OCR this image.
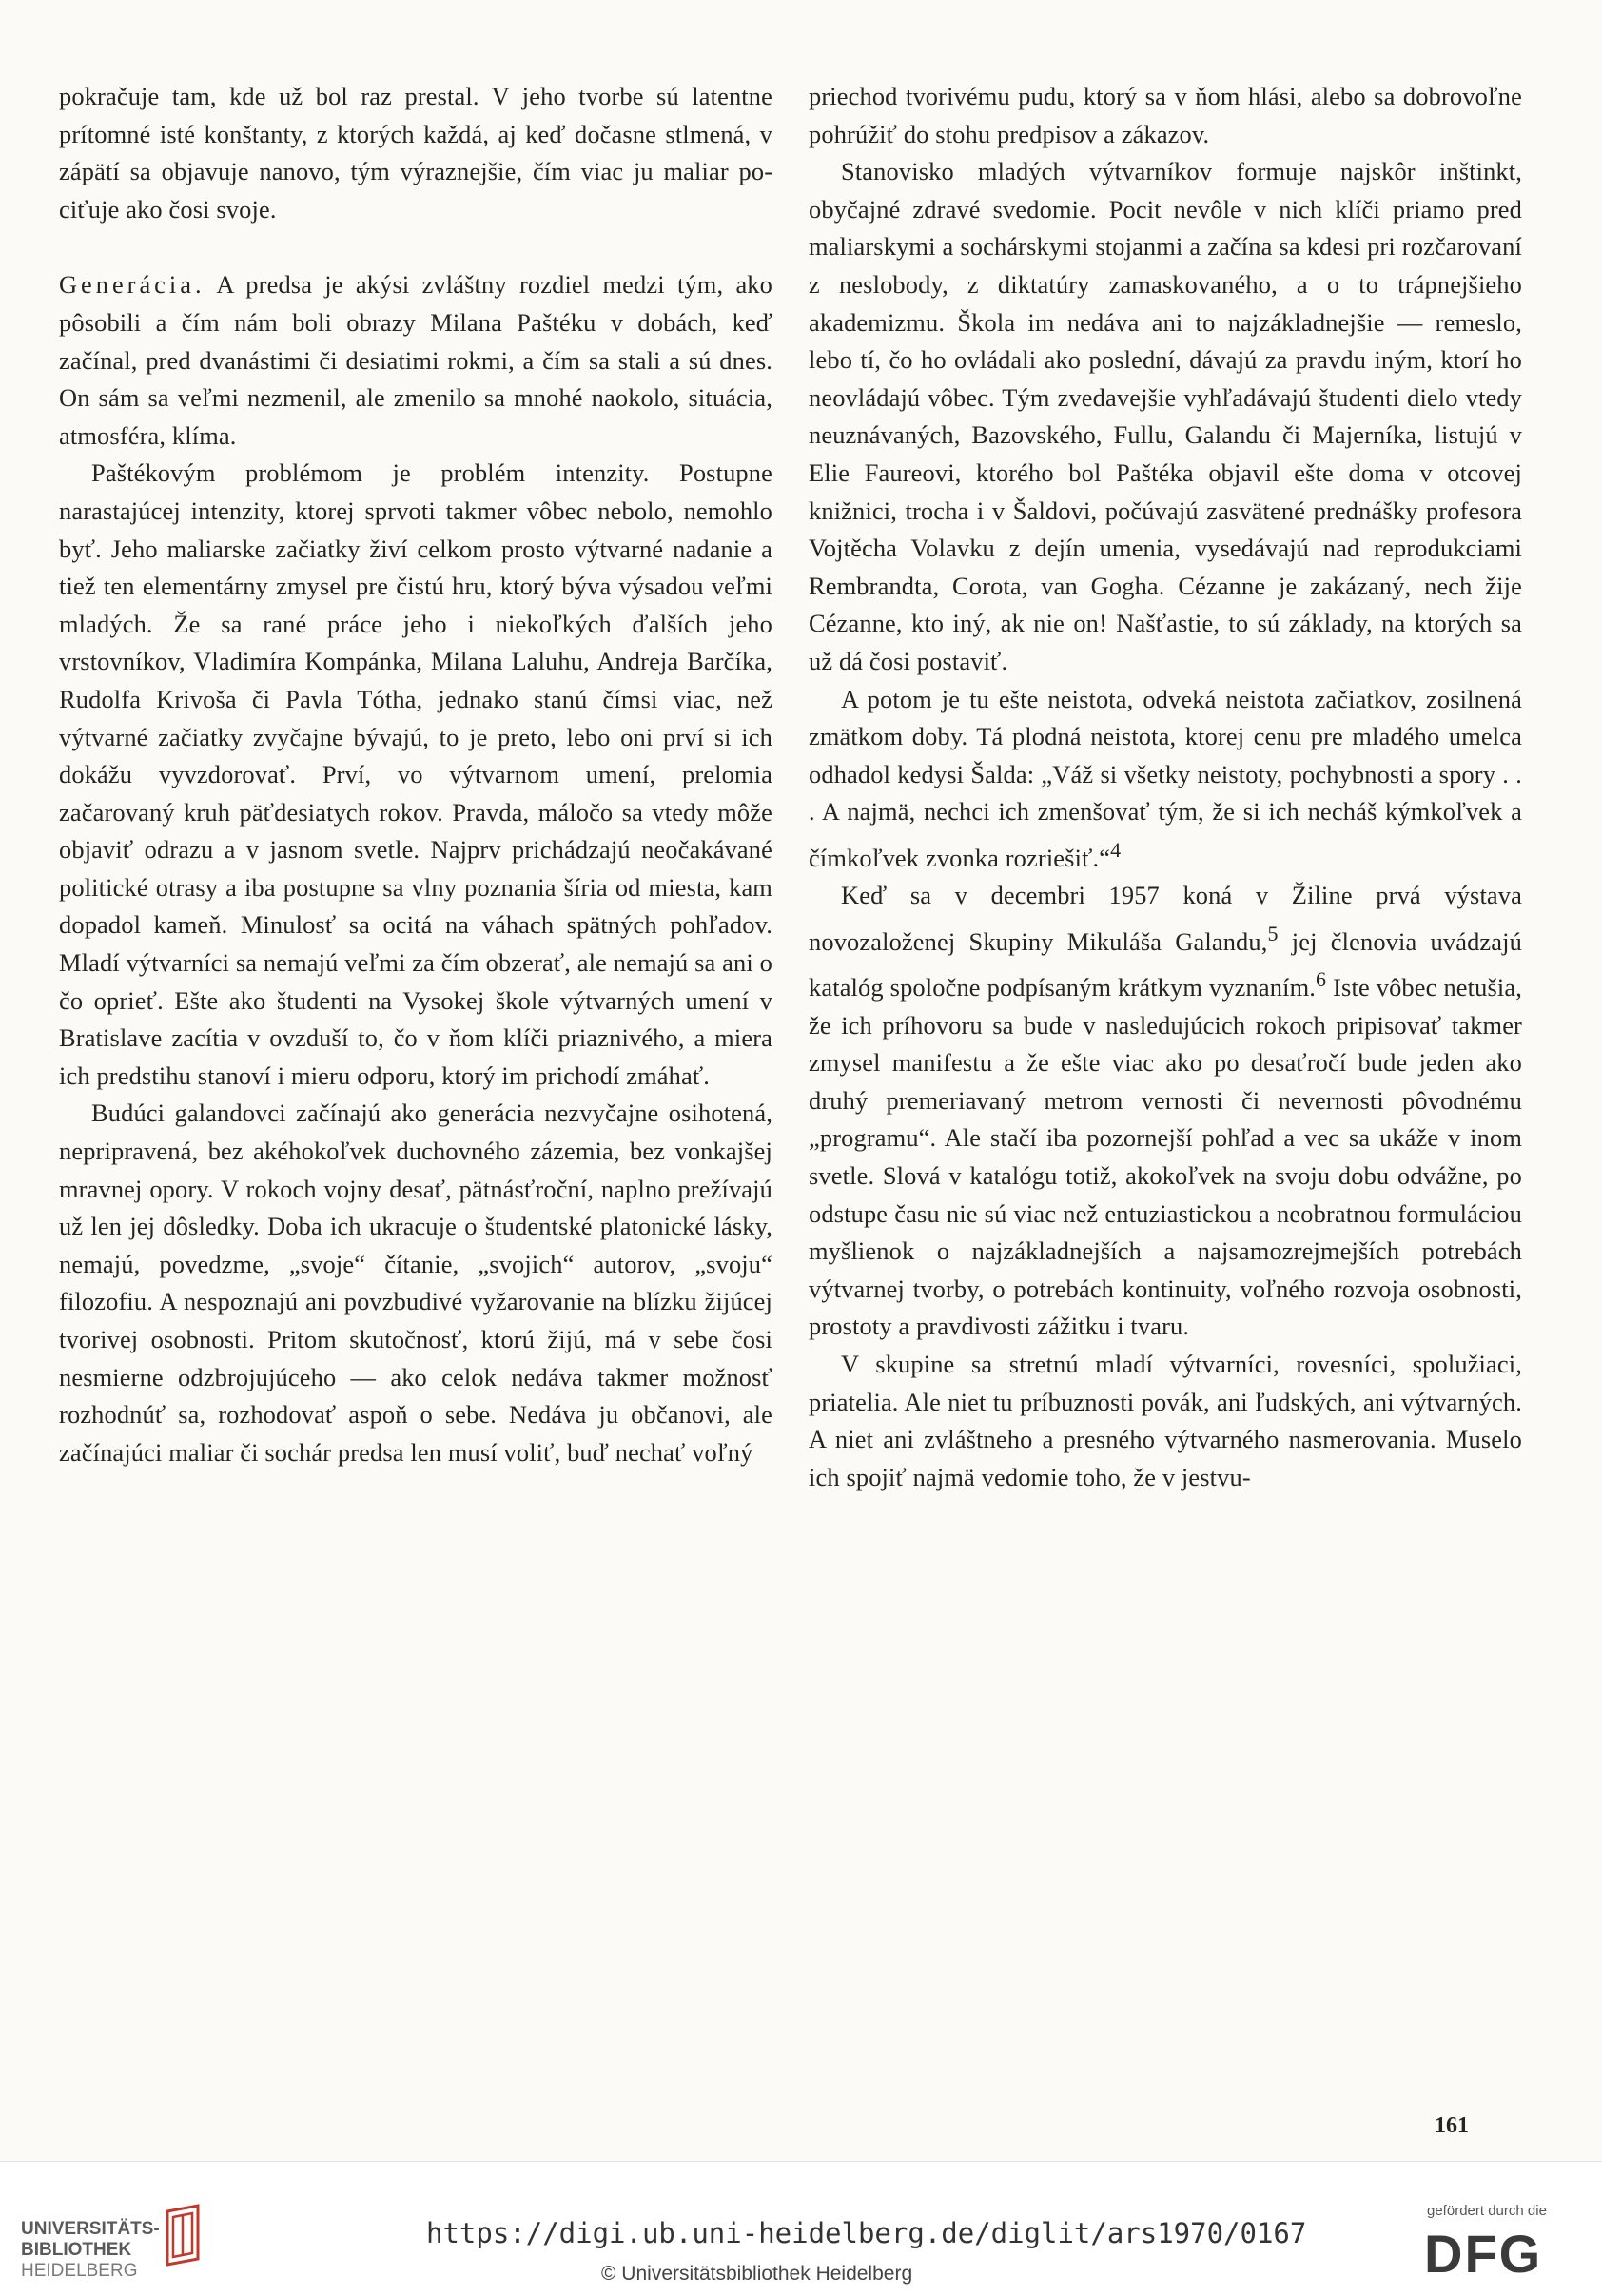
pokračuje tam, kde už bol raz prestal. V jeho tvorbe sú latentne prítomné isté konštanty, z ktorých každá, aj keď dočasne stlmená, v zápätí sa objavuje nanovo, tým výraznejšie, čím viac ju maliar pociťuje ako čosi svoje.

Generácia. A predsa je akýsi zvláštny rozdiel medzi tým, ako pôsobili a čím nám boli obrazy Milana Paštéku v dobách, keď začínal, pred dvanástimi či desiatimi rokmi, a čím sa stali a sú dnes. On sám sa veľmi nezmenil, ale zmenilo sa mnohé naokolo, situácia, atmosféra, klíma.

Paštékovým problémom je problém intenzity. Postupne narastajúcej intenzity, ktorej sprvoti takmer vôbec nebolo, nemohlo byť. Jeho maliarske začiatky živí celkom prosto výtvarné nadanie a tiež ten elementárny zmysel pre čistú hru, ktorý býva výsadou veľmi mladých. Že sa rané práce jeho i niekoľkých ďalších jeho vrstovníkov, Vladimíra Kompánka, Milana Laluhu, Andreja Barčíka, Rudolfa Krivoša či Pavla Tótha, jednako stanú čímsi viac, než výtvarné začiatky zvyčajne bývajú, to je preto, lebo oni prví si ich dokážu vyvzdorovať. Prví, vo výtvarnom umení, prelomia začarovaný kruh päťdesiatych rokov. Pravda, máločo sa vtedy môže objaviť odrazu a v jasnom svetle. Najprv prichádzajú neočakávané politické otrasy a iba postupne sa vlny poznania šíria od miesta, kam dopadol kameň. Minulosť sa ocitá na váhach spätných pohľadov. Mladí výtvarníci sa nemajú veľmi za čím obzerať, ale nemajú sa ani o čo oprieť. Ešte ako študenti na Vysokej škole výtvarných umení v Bratislave zacítia v ovzduší to, čo v ňom klíči priaznivého, a miera ich predstihu stanoví i mieru odporu, ktorý im prichodí zmáhať.

Budúci galandovci začínajú ako generácia nezvyčajne osihotená, nepripravená, bez akéhokoľvek duchovného zázemia, bez vonkajšej mravnej opory. V rokoch vojny desať, pätnásťroční, naplno prežívajú už len jej dôsledky. Doba ich ukracuje o študentské platonické lásky, nemajú, povedzme, „svoje“ čítanie, „svojich“ autorov, „svoju“ filozofiu. A nespoznajú ani povzbudivé vyžarovanie na blízku žijúcej tvorivej osobnosti. Pritom skutočnosť, ktorú žijú, má v sebe čosi nesmierne odzbrojujúceho — ako celok nedáva takmer možnosť rozhodnúť sa, rozhodovať aspoň o sebe. Nedáva ju občanovi, ale začínajúci maliar či sochár predsa len musí voliť, buď nechať voľný

priechod tvorivému pudu, ktorý sa v ňom hlási, alebo sa dobrovoľne pohrúžiť do stohu predpisov a zákazov.

Stanovisko mladých výtvarníkov formuje najskôr inštinkt, obyčajné zdravé svedomie. Pocit nevôle v nich klíči priamo pred maliarskymi a sochárskymi stojanmi a začína sa kdesi pri rozčarovaní z neslobody, z diktatúry zamaskovaného, a o to trápnejšieho akademizmu. Škola im nedáva ani to najzákladnejšie — remeslo, lebo tí, čo ho ovládali ako poslední, dávajú za pravdu iným, ktorí ho neovládajú vôbec. Tým zvedavejšie vyhľadávajú študenti dielo vtedy neuznávaných, Bazovského, Fullu, Galandu či Majerníka, listujú v Elie Faureovi, ktorého bol Paštéka objavil ešte doma v otcovej knižnici, trocha i v Šaldovi, počúvajú zasvätené prednášky profesora Vojtěcha Volavku z dejín umenia, vysedávajú nad reprodukciami Rembrandta, Corota, van Gogha. Cézanne je zakázaný, nech žije Cézanne, kto iný, ak nie on! Našťastie, to sú základy, na ktorých sa už dá čosi postaviť.

A potom je tu ešte neistota, odveká neistota začiatkov, zosilnená zmätkom doby. Tá plodná neistota, ktorej cenu pre mladého umelca odhadol kedysi Šalda: „Váž si všetky neistoty, pochybnosti a spory . . . A najmä, nechci ich zmenšovať tým, že si ich necháš kýmkoľvek a čímkoľvek zvonka rozriešiť.“$^4$

Keď sa v decembri 1957 koná v Žiline prvá výstava novozaloženej Skupiny Mikuláša Galandu,$^5$ jej členovia uvádzajú katalóg spoločne podpísaným krátkym vyznaním.$^6$ Iste vôbec netušia, že ich príhovoru sa bude v nasledujúcich rokoch pripisovať takmer zmysel manifestu a že ešte viac ako po desaťročí bude jeden ako druhý premeriavaný metrom vernosti či nevernosti pôvodnému „programu“. Ale stačí iba pozornejší pohľad a vec sa ukáže v inom svetle. Slová v katalógu totiž, akokoľvek na svoju dobu odvážne, po odstupe času nie sú viac než entuziastickou a neobratnou formuláciou myšlienok o najzákladnejších a najsamozrejmejších potrebách výtvarnej tvorby, o potrebách kontinuity, voľného rozvoja osobnosti, prostoty a pravdivosti zážitku i tvaru.

V skupine sa stretnú mladí výtvarníci, rovesníci, spolužiaci, priatelia. Ale niet tu príbuznosti povák, ani ľudských, ani výtvarných. A niet ani zvláštneho a presného výtvarného nasmerovania. Muselo ich spojiť najmä vedomie toho, že v jestvu-

161
UNIVERSITÄTS-
BIBLIOTHEK
HEIDELBERG
https://digi.ub.uni-heidelberg.de/diglit/ars1970/0167
© Universitätsbibliothek Heidelberg
gefördert durch die
DFG
